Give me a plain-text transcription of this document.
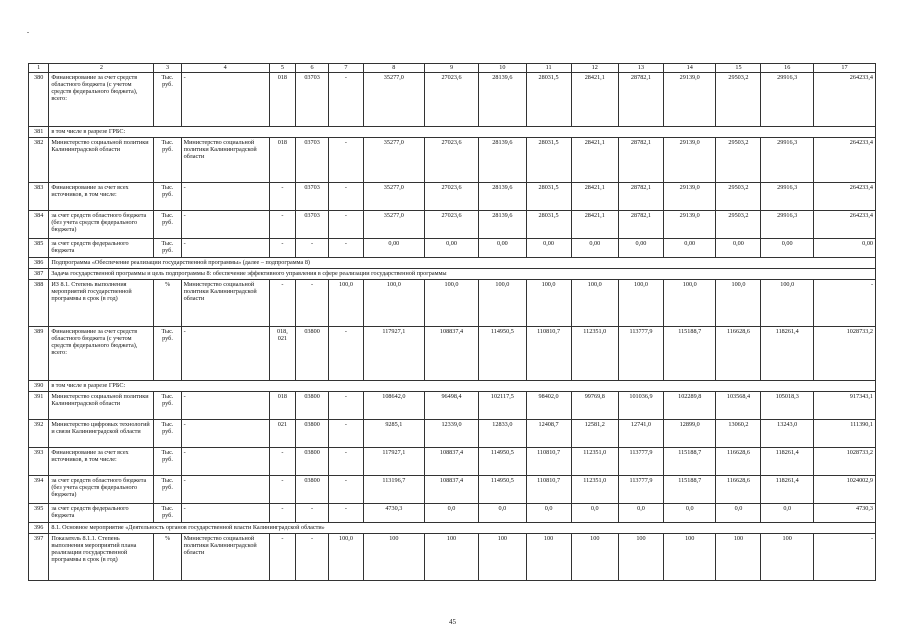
1	2	3	4	5	6	7	8	9	10	11	12	13	14	15	16	17
380	Финансирование за счет средств областного бюджета (с учетом средств федерального бюджета), всего:	Тыс. руб.	-	018	03703	-	35277,0	27023,6	28139,6	28031,5	28421,1	28782,1	29139,0	29503,2	29916,3	264233,4
381	в том числе в разрезе ГРБС:															
382	Министерство социальной политики Калининградской области	Тыс. руб.	Министерство социальной политики Калининградской области	018	03703	-	35277,0	27023,6	28139,6	28031,5	28421,1	28782,1	29139,0	29503,2	29916,3	264233,4
383	Финансирование за счет всех источников, в том числе:	Тыс. руб.	-	-	03703	-	35277,0	27023,6	28139,6	28031,5	28421,1	28782,1	29139,0	29503,2	29916,3	264233,4
384	за счет средств областного бюджета (без учета средств федерального бюджета)	Тыс. руб.	-	-	03703	-	35277,0	27023,6	28139,6	28031,5	28421,1	28782,1	29139,0	29503,2	29916,3	264233,4
385	за счет средств федерального бюджета	Тыс. руб.	-	-	-	-	0,00	0,00	0,00	0,00	0,00	0,00	0,00	0,00	0,00	0,00
386	Подпрограмма «Обеспечение реализации государственной программы» (далее – подпрограмма 8)															
387	Задача государственной программы и цель подпрограммы 8: обеспечение эффективного управления в сфере реализации государственной программы															
388	ИЗ 8.1. Степень выполнения мероприятий государственной программы в срок (в год)	%	Министерство социальной политики Калининградской области	-	-	100,0	100,0	100,0	100,0	100,0	100,0	100,0	100,0	100,0	100,0	-
389	Финансирование за счет средств областного бюджета (с учетом средств федерального бюджета), всего:	Тыс. руб.	-	018, 021	03800	-	117927,1	108837,4	114950,5	110810,7	112351,0	113777,9	115188,7	116628,6	118261,4	1028733,2
390	в том числе в разрезе ГРБС:															
391	Министерство социальной политики Калининградской области	Тыс. руб.	-	018	03800	-	108642,0	96498,4	102117,5	98402,0	99769,8	101036,9	102289,8	103568,4	105018,3	917343,1
392	Министерство цифровых технологий и связи Калининградской области	Тыс. руб.	-	021	03800	-	9285,1	12339,0	12833,0	12408,7	12581,2	12741,0	12899,0	13060,2	13243,0	111390,1
393	Финансирование за счет всех источников, в том числе:	Тыс. руб.	-	-	03800	-	117927,1	108837,4	114950,5	110810,7	112351,0	113777,9	115188,7	116628,6	118261,4	1028733,2
394	за счет средств областного бюджета (без учета средств федерального бюджета)	Тыс. руб.	-	-	03800	-	113196,7	108837,4	114950,5	110810,7	112351,0	113777,9	115188,7	116628,6	118261,4	1024002,9
395	за счет средств федерального бюджета	Тыс. руб.	-	-	-	-	4730,3	0,0	0,0	0,0	0,0	0,0	0,0	0,0	0,0	4730,3
396	8.1. Основное мероприятие «Деятельность органов государственной власти Калининградской области»															
397	Показатель 8.1.1. Степень выполнения мероприятий плана реализации государственной программы в срок (в год)	%	Министерство социальной политики Калининградской области	-	-	100,0	100	100	100	100	100	100	100	100	100	-
45
